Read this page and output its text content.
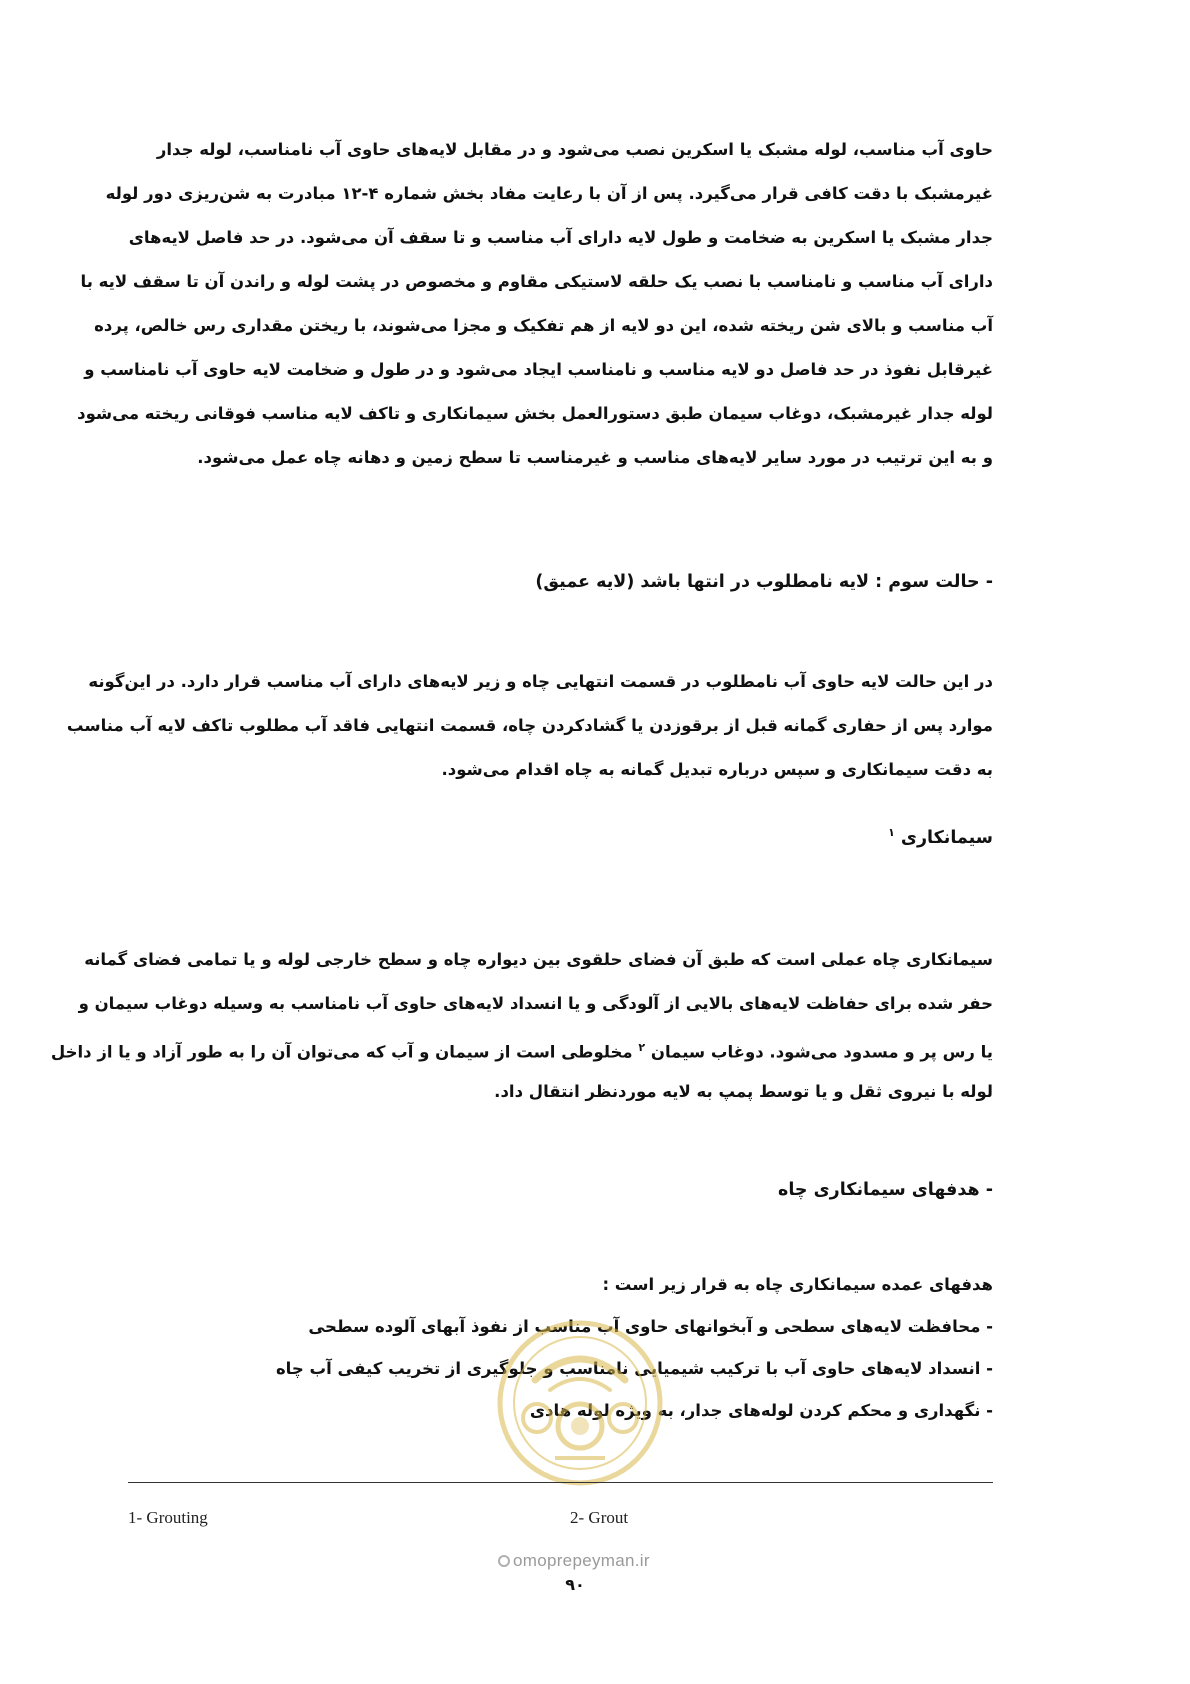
حاوی آب مناسب، لوله مشبک یا اسکرین نصب می‌شود و در مقابل لایه‌های حاوی آب نامناسب، لوله جدار

غیرمشبک با دقت کافی قرار می‌گیرد. پس از آن با رعایت مفاد بخش شماره ۴-۱۲ مبادرت به شن‌ریزی دور لوله

جدار مشبک یا اسکرین به ضخامت و طول لایه دارای آب مناسب و تا سقف آن می‌شود. در حد فاصل لایه‌های

دارای آب مناسب و نامناسب با نصب یک حلقه لاستیکی مقاوم و مخصوص در پشت لوله و راندن آن تا سقف لایه با

آب مناسب و بالای شن ریخته شده، این دو لایه از هم تفکیک و مجزا می‌شوند، با ریختن مقداری رس خالص، پرده

غیرقابل نفوذ در حد فاصل دو لایه مناسب و نامناسب ایجاد می‌شود و در طول و ضخامت لایه حاوی آب نامناسب و

لوله جدار غیرمشبک، دوغاب سیمان طبق دستورالعمل بخش سیمانکاری و تاکف لایه مناسب فوقانی ریخته می‌شود

و به این ترتیب در مورد سایر لایه‌های مناسب و غیرمناسب تا سطح زمین و دهانه چاه عمل می‌شود.

- حالت سوم : لایه نامطلوب در انتها باشد (لایه عمیق)

در این حالت لایه حاوی آب نامطلوب در قسمت انتهایی چاه و زیر لایه‌های دارای آب مناسب قرار دارد. در این‌گونه

موارد پس از حفاری گمانه قبل از برقوزدن یا گشادکردن چاه، قسمت انتهایی فاقد آب مطلوب تاکف لایه آب مناسب

به دقت سیمانکاری و سپس درباره تبدیل گمانه به چاه اقدام می‌شود.

سیمانکاری $^۱$

سیمانکاری چاه عملی است که طبق آن فضای حلقوی بین دیواره چاه و سطح خارجی لوله و یا تمامی فضای گمانه

حفر شده برای حفاظت لایه‌های بالایی از آلودگی و یا انسداد لایه‌های حاوی آب نامناسب به وسیله دوغاب سیمان و

یا رس پر و مسدود می‌شود. دوغاب سیمان $^۲$ مخلوطی است از سیمان و آب که می‌توان آن را به طور آزاد و یا از داخل

لوله با نیروی ثقل و یا توسط پمپ به لایه موردنظر انتقال داد.

- هدفهای سیمانکاری چاه

هدفهای عمده سیمانکاری چاه به قرار زیر است :

- محافظت لایه‌های سطحی و آبخوانهای حاوی آب مناسب از نفوذ آبهای آلوده سطحی

- انسداد لایه‌های حاوی آب با ترکیب شیمیایی نامناسب و جلوگیری از تخریب کیفی آب چاه

- نگهداری و محکم کردن لوله‌های جدار، به ویژه لوله هادی

1- Grouting	2- Grout
omoprepeyman.ir
۹۰
